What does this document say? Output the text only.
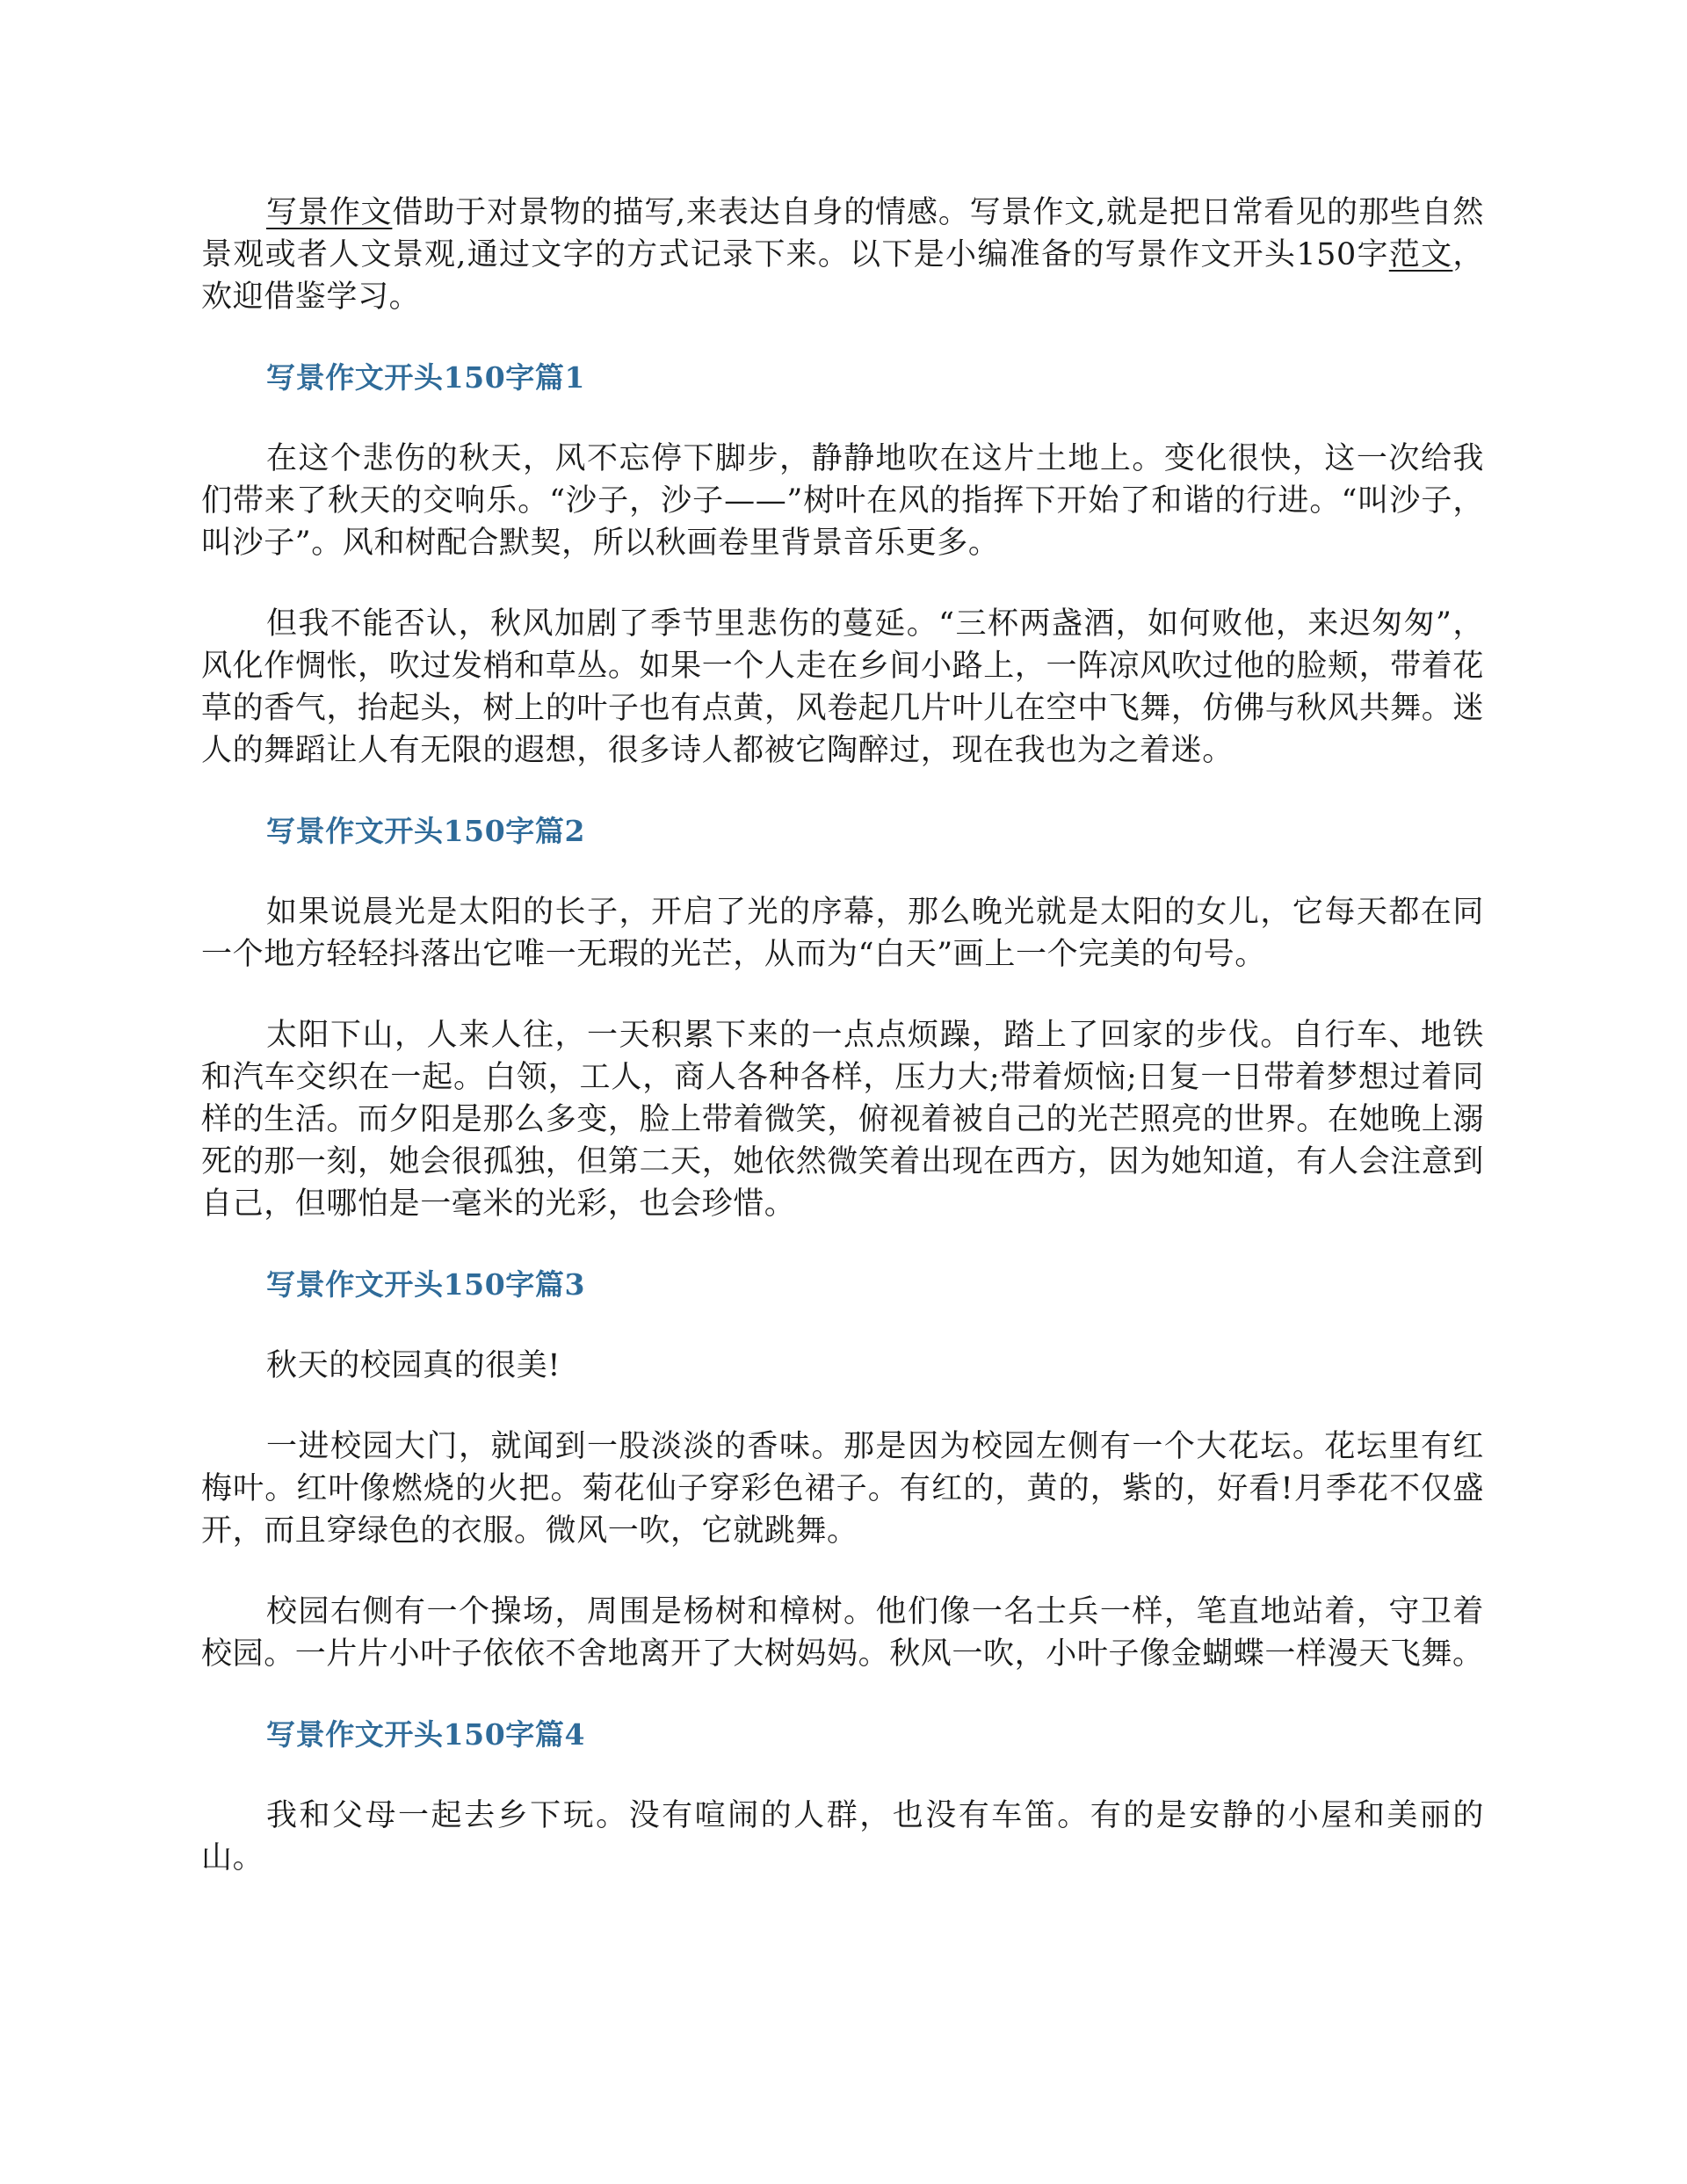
写景作文借助于对景物的描写,来表达自身的情感。写景作文,就是把日常看见的那些自然景观或者人文景观,通过文字的方式记录下来。以下是小编准备的写景作文开头150字范文，欢迎借鉴学习。

写景作文开头150字篇1

在这个悲伤的秋天，风不忘停下脚步，静静地吹在这片土地上。变化很快，这一次给我们带来了秋天的交响乐。“沙子，沙子——”树叶在风的指挥下开始了和谐的行进。“叫沙子，叫沙子”。风和树配合默契，所以秋画卷里背景音乐更多。

但我不能否认，秋风加剧了季节里悲伤的蔓延。“三杯两盏酒，如何败他，来迟匆匆”，风化作惆怅，吹过发梢和草丛。如果一个人走在乡间小路上，一阵凉风吹过他的脸颊，带着花草的香气，抬起头，树上的叶子也有点黄，风卷起几片叶儿在空中飞舞，仿佛与秋风共舞。迷人的舞蹈让人有无限的遐想，很多诗人都被它陶醉过，现在我也为之着迷。

写景作文开头150字篇2

如果说晨光是太阳的长子，开启了光的序幕，那么晚光就是太阳的女儿，它每天都在同一个地方轻轻抖落出它唯一无瑕的光芒，从而为“白天”画上一个完美的句号。

太阳下山，人来人往，一天积累下来的一点点烦躁，踏上了回家的步伐。自行车、地铁和汽车交织在一起。白领，工人，商人各种各样，压力大;带着烦恼;日复一日带着梦想过着同样的生活。而夕阳是那么多变，脸上带着微笑，俯视着被自己的光芒照亮的世界。在她晚上溺死的那一刻，她会很孤独，但第二天，她依然微笑着出现在西方，因为她知道，有人会注意到自己，但哪怕是一毫米的光彩，也会珍惜。

写景作文开头150字篇3

秋天的校园真的很美!

一进校园大门，就闻到一股淡淡的香味。那是因为校园左侧有一个大花坛。花坛里有红梅叶。红叶像燃烧的火把。菊花仙子穿彩色裙子。有红的，黄的，紫的，好看!月季花不仅盛开，而且穿绿色的衣服。微风一吹，它就跳舞。

校园右侧有一个操场，周围是杨树和樟树。他们像一名士兵一样，笔直地站着，守卫着校园。一片片小叶子依依不舍地离开了大树妈妈。秋风一吹，小叶子像金蝴蝶一样漫天飞舞。

写景作文开头150字篇4

我和父母一起去乡下玩。没有喧闹的人群，也没有车笛。有的是安静的小屋和美丽的山。
